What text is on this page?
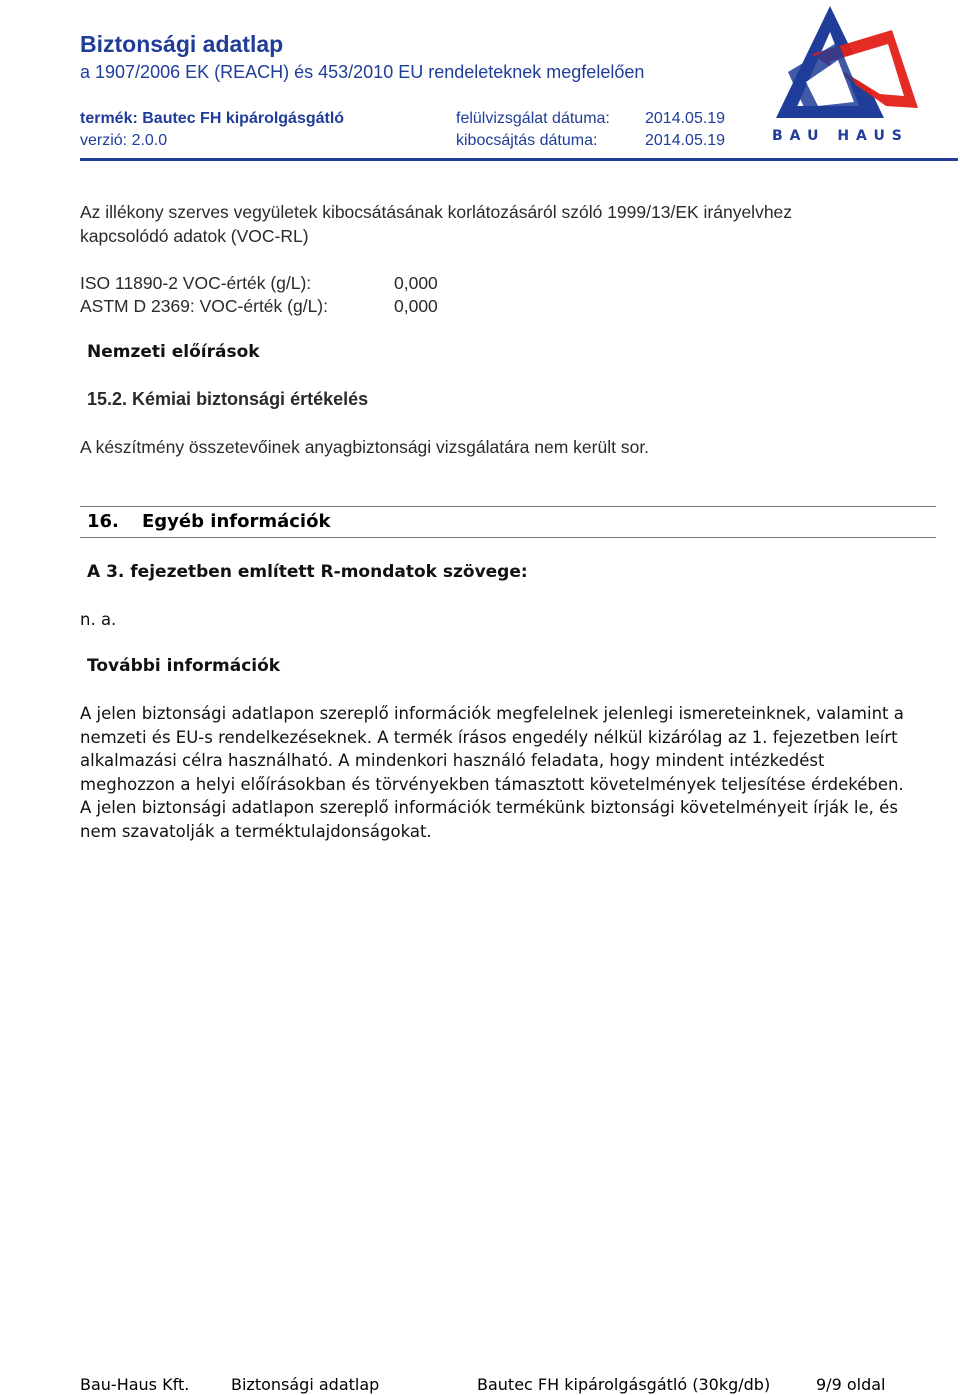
Biztonsági adatlap
a 1907/2006 EK (REACH) és 453/2010 EU rendeleteknek megfelelően
termék: Bautec FH kipárolgásgátló
verzió: 2.0.0
felülvizsgálat dátuma: 2014.05.19
kibocsájtás dátuma:	2014.05.19	BAU HAUS
Az illékony szerves vegyületek kibocsátásának korlátozásáról szóló 1999/13/EK irányelvhez
kapcsolódó adatok (VOC-RL)
ISO 11890-2 VOC-érték (g/L):	0,000
ASTM D 2369: VOC-érték (g/L):	0,000
Nemzeti előírások
15.2. Kémiai biztonsági értékelés
A készítmény összetevőinek anyagbiztonsági vizsgálatára nem került sor.
16. Egyéb információk
A 3. fejezetben említett R-mondatok szövege:
n. a.
További információk
A jelen biztonsági adatlapon szereplő információk megfelelnek jelenlegi ismereteinknek, valamint a
nemzeti és EU-s rendelkezéseknek. A termék írásos engedély nélkül kizárólag az 1. fejezetben leírt
alkalmazási célra használható. A mindenkori használó feladata, hogy mindent intézkedést
meghozzon a helyi előírásokban és törvényekben támasztott követelmények teljesítése érdekében.
A jelen biztonsági adatlapon szereplő információk termékünk biztonsági követelményeit írják le, és
nem szavatolják a terméktulajdonságokat.
Bau-Haus Kft.	Biztonsági adatlap	Bautec FH kipárolgásgátló (30kg/db)	9/9 oldal
